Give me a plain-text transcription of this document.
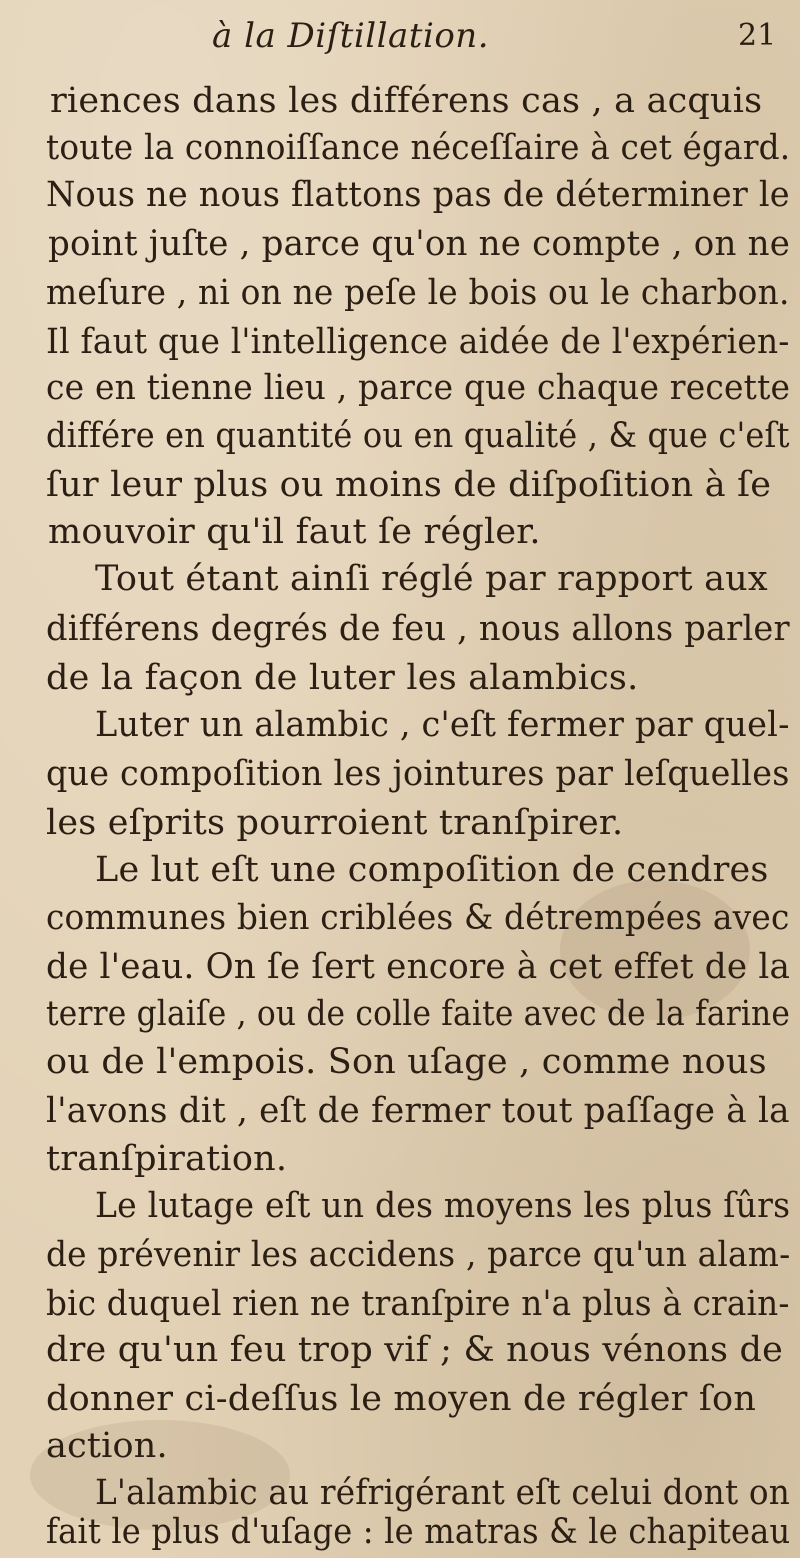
à la Diſtillation.	21
riences dans les différens cas , a acquis
toute la connoiſſance néceſſaire à cet égard.
Nous ne nous flattons pas de déterminer le
point juſte , parce qu'on ne compte , on ne
meſure , ni on ne peſe le bois ou le charbon.
Il faut que l'intelligence aidée de l'expérien-
ce en tienne lieu , parce que chaque recette
différe en quantité ou en qualité , & que c'eſt
ſur leur plus ou moins de diſpoſition à ſe
mouvoir qu'il faut ſe régler.
Tout étant ainſi réglé par rapport aux
différens degrés de feu , nous allons parler
de la façon de luter les alambics.
Luter un alambic , c'eſt fermer par quel-
que compoſition les jointures par leſquelles
les eſprits pourroient tranſpirer.
Le lut eſt une compoſition de cendres
communes bien criblées & détrempées avec
de l'eau. On ſe ſert encore à cet effet de la
terre glaiſe , ou de colle faite avec de la farine
ou de l'empois. Son uſage , comme nous
l'avons dit , eſt de fermer tout paſſage à la
tranſpiration.
Le lutage eſt un des moyens les plus ſûrs
de prévenir les accidens , parce qu'un alam-
bic duquel rien ne tranſpire n'a plus à crain-
dre qu'un feu trop vif ; & nous vénons de
donner ci-deſſus le moyen de régler ſon
action.
L'alambic au réfrigérant eſt celui dont on
fait le plus d'uſage : le matras & le chapiteau
